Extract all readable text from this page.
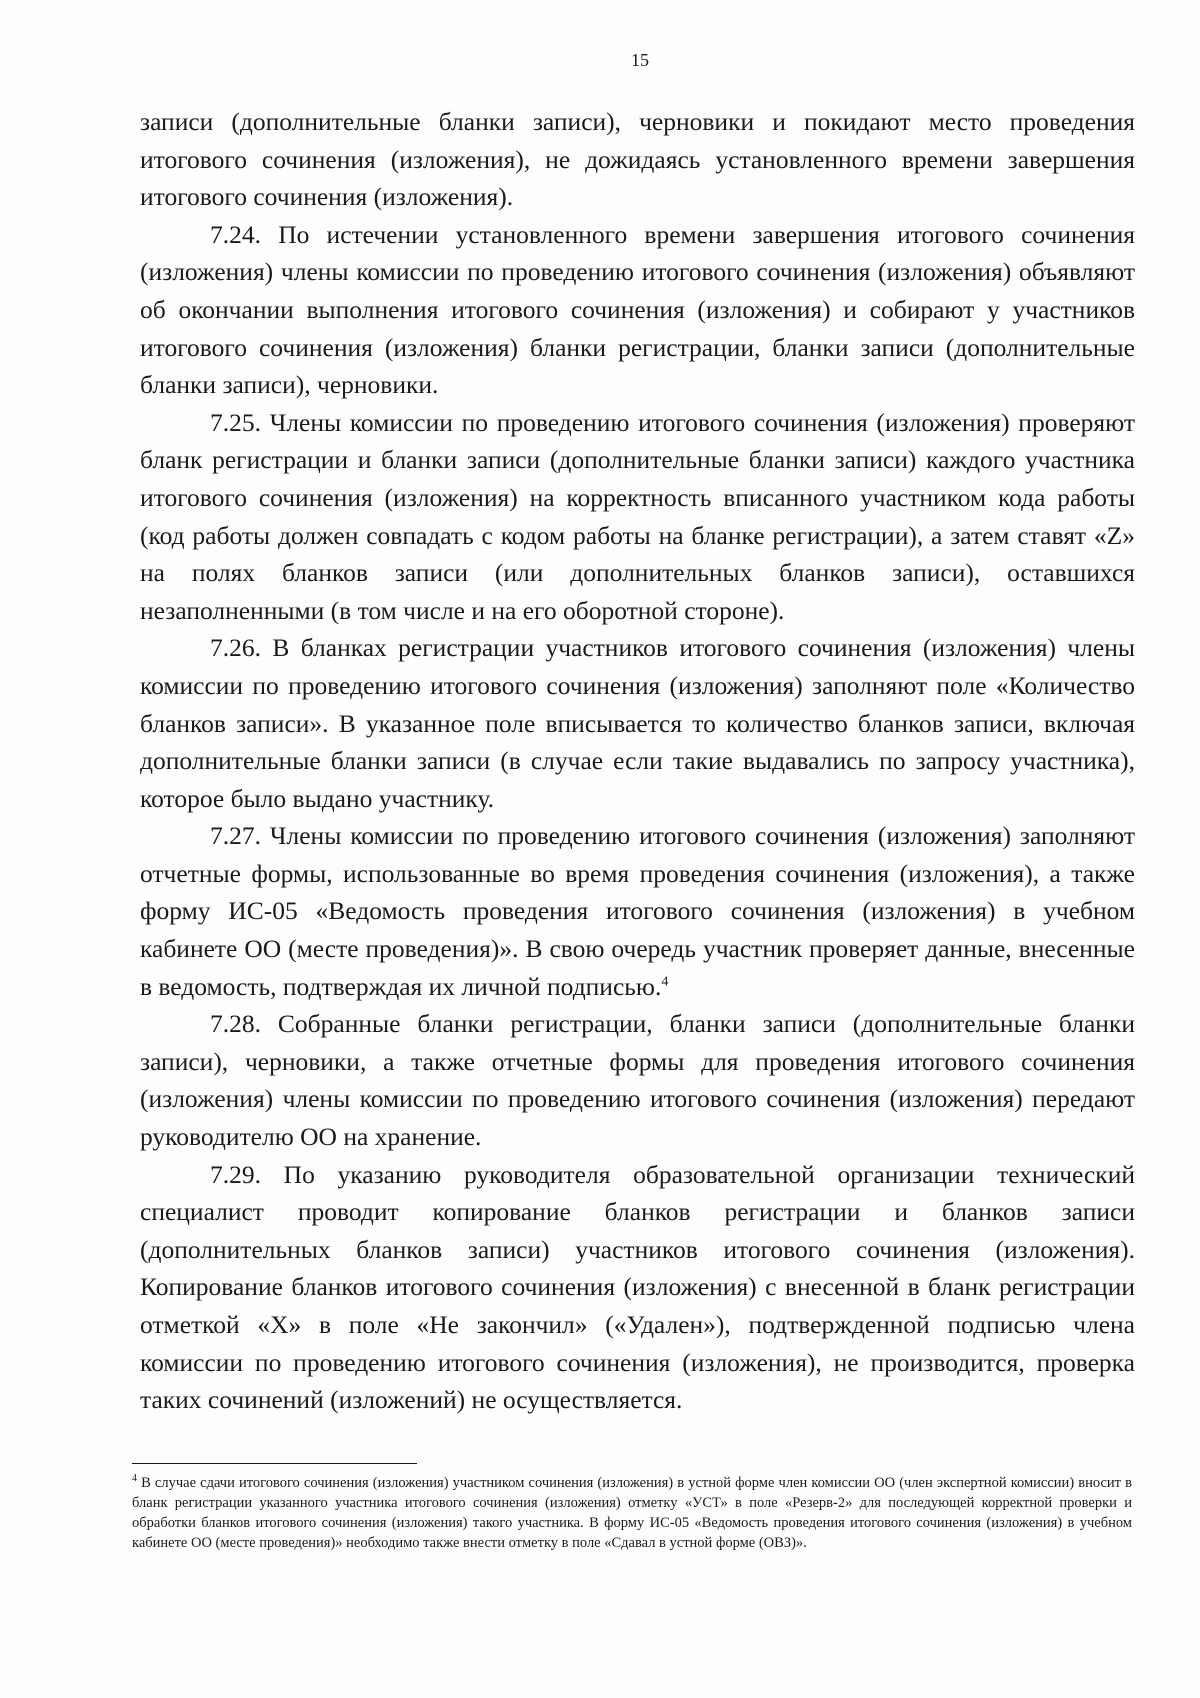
15

записи (дополнительные бланки записи), черновики и покидают место проведения итогового сочинения (изложения), не дожидаясь установленного времени завершения итогового сочинения (изложения).

7.24. По истечении установленного времени завершения итогового сочинения (изложения) члены комиссии по проведению итогового сочинения (изложения) объявляют об окончании выполнения итогового сочинения (изложения) и собирают у участников итогового сочинения (изложения) бланки регистрации, бланки записи (дополнительные бланки записи), черновики.

7.25. Члены комиссии по проведению итогового сочинения (изложения) проверяют бланк регистрации и бланки записи (дополнительные бланки записи) каждого участника итогового сочинения (изложения) на корректность вписанного участником кода работы (код работы должен совпадать с кодом работы на бланке регистрации), а затем ставят «Z» на полях бланков записи (или дополнительных бланков записи), оставшихся незаполненными (в том числе и на его оборотной стороне).

7.26. В бланках регистрации участников итогового сочинения (изложения) члены комиссии по проведению итогового сочинения (изложения) заполняют поле «Количество бланков записи». В указанное поле вписывается то количество бланков записи, включая дополнительные бланки записи (в случае если такие выдавались по запросу участника), которое было выдано участнику.

7.27. Члены комиссии по проведению итогового сочинения (изложения) заполняют отчетные формы, использованные во время проведения сочинения (изложения), а также форму ИС-05 «Ведомость проведения итогового сочинения (изложения) в учебном кабинете ОО (месте проведения)». В свою очередь участник проверяет данные, внесенные в ведомость, подтверждая их личной подписью.$^4$

7.28. Собранные бланки регистрации, бланки записи (дополнительные бланки записи), черновики, а также отчетные формы для проведения итогового сочинения (изложения) члены комиссии по проведению итогового сочинения (изложения) передают руководителю ОО на хранение.

7.29. По указанию руководителя образовательной организации технический специалист проводит копирование бланков регистрации и бланков записи (дополнительных бланков записи) участников итогового сочинения (изложения). Копирование бланков итогового сочинения (изложения) с внесенной в бланк регистрации отметкой «Х» в поле «Не закончил» («Удален»), подтвержденной подписью члена комиссии по проведению итогового сочинения (изложения), не производится, проверка таких сочинений (изложений) не осуществляется.

$^4$ В случае сдачи итогового сочинения (изложения) участником сочинения (изложения) в устной форме член комиссии ОО (член экспертной комиссии) вносит в бланк регистрации указанного участника итогового сочинения (изложения) отметку «УСТ» в поле «Резерв-2» для последующей корректной проверки и обработки бланков итогового сочинения (изложения) такого участника. В форму ИС-05 «Ведомость проведения итогового сочинения (изложения) в учебном кабинете ОО (месте проведения)» необходимо также внести отметку в поле «Сдавал в устной форме (ОВЗ)».
